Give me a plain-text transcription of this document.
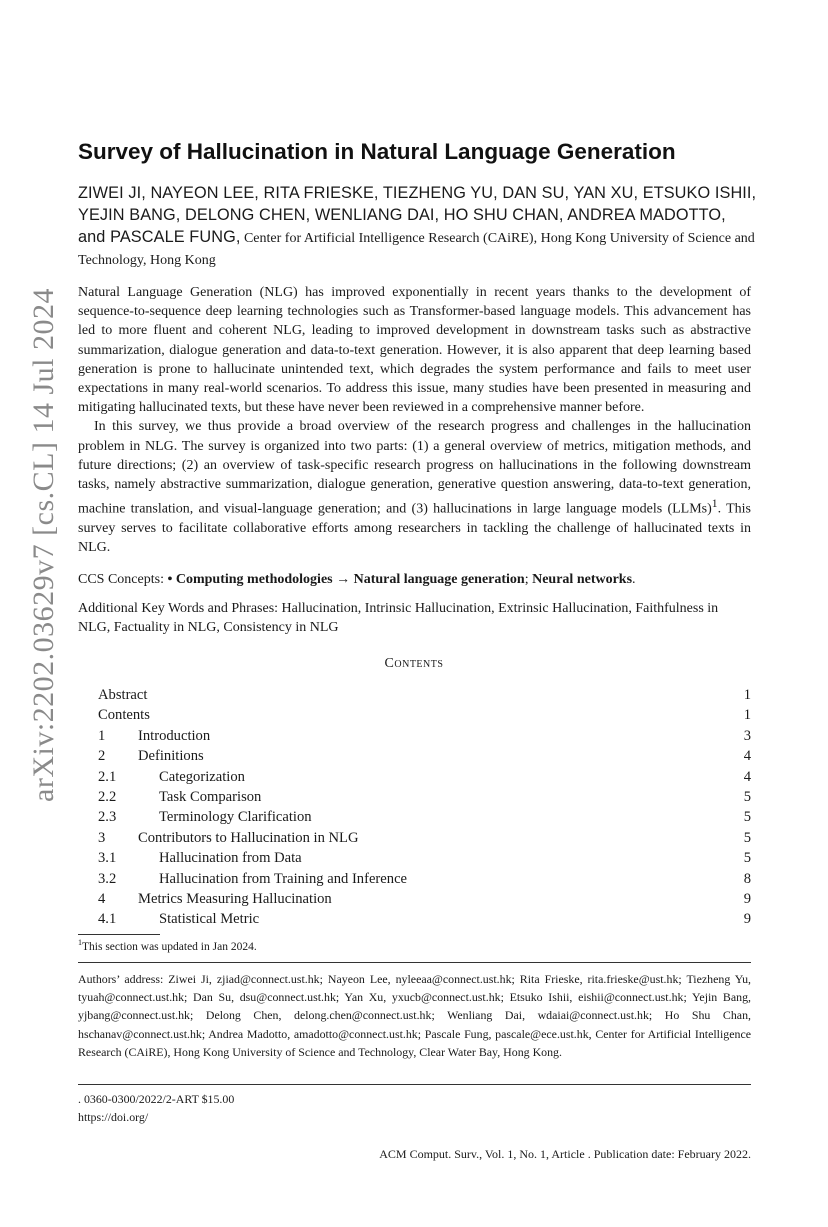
arXiv:2202.03629v7 [cs.CL] 14 Jul 2024
Survey of Hallucination in Natural Language Generation
ZIWEI JI, NAYEON LEE, RITA FRIESKE, TIEZHENG YU, DAN SU, YAN XU, ETSUKO ISHII,
YEJIN BANG, DELONG CHEN, WENLIANG DAI, HO SHU CHAN, ANDREA MADOTTO,
and PASCALE FUNG, Center for Artificial Intelligence Research (CAiRE), Hong Kong University of Science and Technology, Hong Kong

Natural Language Generation (NLG) has improved exponentially in recent years thanks to the development of sequence-to-sequence deep learning technologies such as Transformer-based language models. This advancement has led to more fluent and coherent NLG, leading to improved development in downstream tasks such as abstractive summarization, dialogue generation and data-to-text generation. However, it is also apparent that deep learning based generation is prone to hallucinate unintended text, which degrades the system performance and fails to meet user expectations in many real-world scenarios. To address this issue, many studies have been presented in measuring and mitigating hallucinated texts, but these have never been reviewed in a comprehensive manner before.

In this survey, we thus provide a broad overview of the research progress and challenges in the hallucination problem in NLG. The survey is organized into two parts: (1) a general overview of metrics, mitigation methods, and future directions; (2) an overview of task-specific research progress on hallucinations in the following downstream tasks, namely abstractive summarization, dialogue generation, generative question answering, data-to-text generation, machine translation, and visual-language generation; and (3) hallucinations in large language models (LLMs)$^1$. This survey serves to facilitate collaborative efforts among researchers in tackling the challenge of hallucinated texts in NLG.

CCS Concepts: • Computing methodologies → Natural language generation; Neural networks.
Additional Key Words and Phrases: Hallucination, Intrinsic Hallucination, Extrinsic Hallucination, Faithfulness in NLG, Factuality in NLG, Consistency in NLG
Contents
Abstract	1
Contents	1
1 Introduction	3
2 Definitions	4
2.1	Categorization	4
2.2	Task Comparison	5
2.3	Terminology Clarification	5
3 Contributors to Hallucination in NLG	5
3.1	Hallucination from Data	5
3.2	Hallucination from Training and Inference	8
4 Metrics Measuring Hallucination	9
4.1	Statistical Metric	9
$^1$This section was updated in Jan 2024.
Authors’ address: Ziwei Ji, zjiad@connect.ust.hk; Nayeon Lee, nyleeaa@connect.ust.hk; Rita Frieske, rita.frieske@ust.hk; Tiezheng Yu, tyuah@connect.ust.hk; Dan Su, dsu@connect.ust.hk; Yan Xu, yxucb@connect.ust.hk; Etsuko Ishii, eishii@connect.ust.hk; Yejin Bang, yjbang@connect.ust.hk; Delong Chen, delong.chen@connect.ust.hk; Wenliang Dai, wdaiai@connect.ust.hk; Ho Shu Chan, hschanav@connect.ust.hk; Andrea Madotto, amadotto@connect.ust.hk; Pascale Fung, pascale@ece.ust.hk, Center for Artificial Intelligence Research (CAiRE), Hong Kong University of Science and Technology, Clear Water Bay, Hong Kong.
. 0360-0300/2022/2-ART $15.00
https://doi.org/
ACM Comput. Surv., Vol. 1, No. 1, Article . Publication date: February 2022.
